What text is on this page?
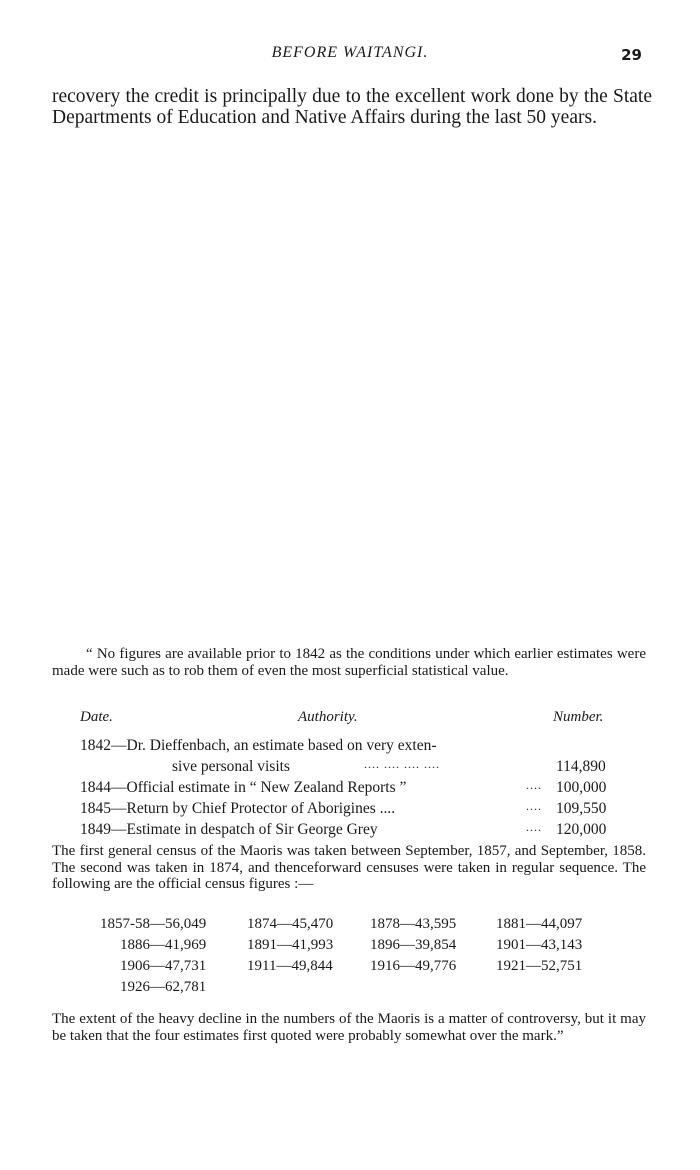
BEFORE WAITANGI.	29

recovery the credit is principally due to the excellent work done by the State Departments of Education and Native Affairs during the last 50 years.

“ No figures are available prior to 1842 as the conditions under which earlier estimates were made were such as to rob them of even the most superficial statistical value.

Date.	Authority.	Number.
1842—Dr. Dieffenbach, an estimate based on very exten-
sive personal visits	.... .... .... ....	114,890
1844—Official estimate in “ New Zealand Reports ”	.... 100,000
1845—Return by Chief Protector of Aborigines ....	.... 109,550
1849—Estimate in despatch of Sir George Grey	.... 120,000

The first general census of the Maoris was taken between September, 1857, and September, 1858. The second was taken in 1874, and thenceforward censuses were taken in regular sequence. The following are the official census figures :—

1857-58—56,049	1874—45,470 1878—43,595	1881—44,097
1886—41,969	1891—41,993 1896—39,854	1901—43,143
1906—47,731	1911—49,844 1916—49,776	1921—52,751
1926—62,781

The extent of the heavy decline in the numbers of the Maoris is a matter of controversy, but it may be taken that the four estimates first quoted were probably somewhat over the mark.”
